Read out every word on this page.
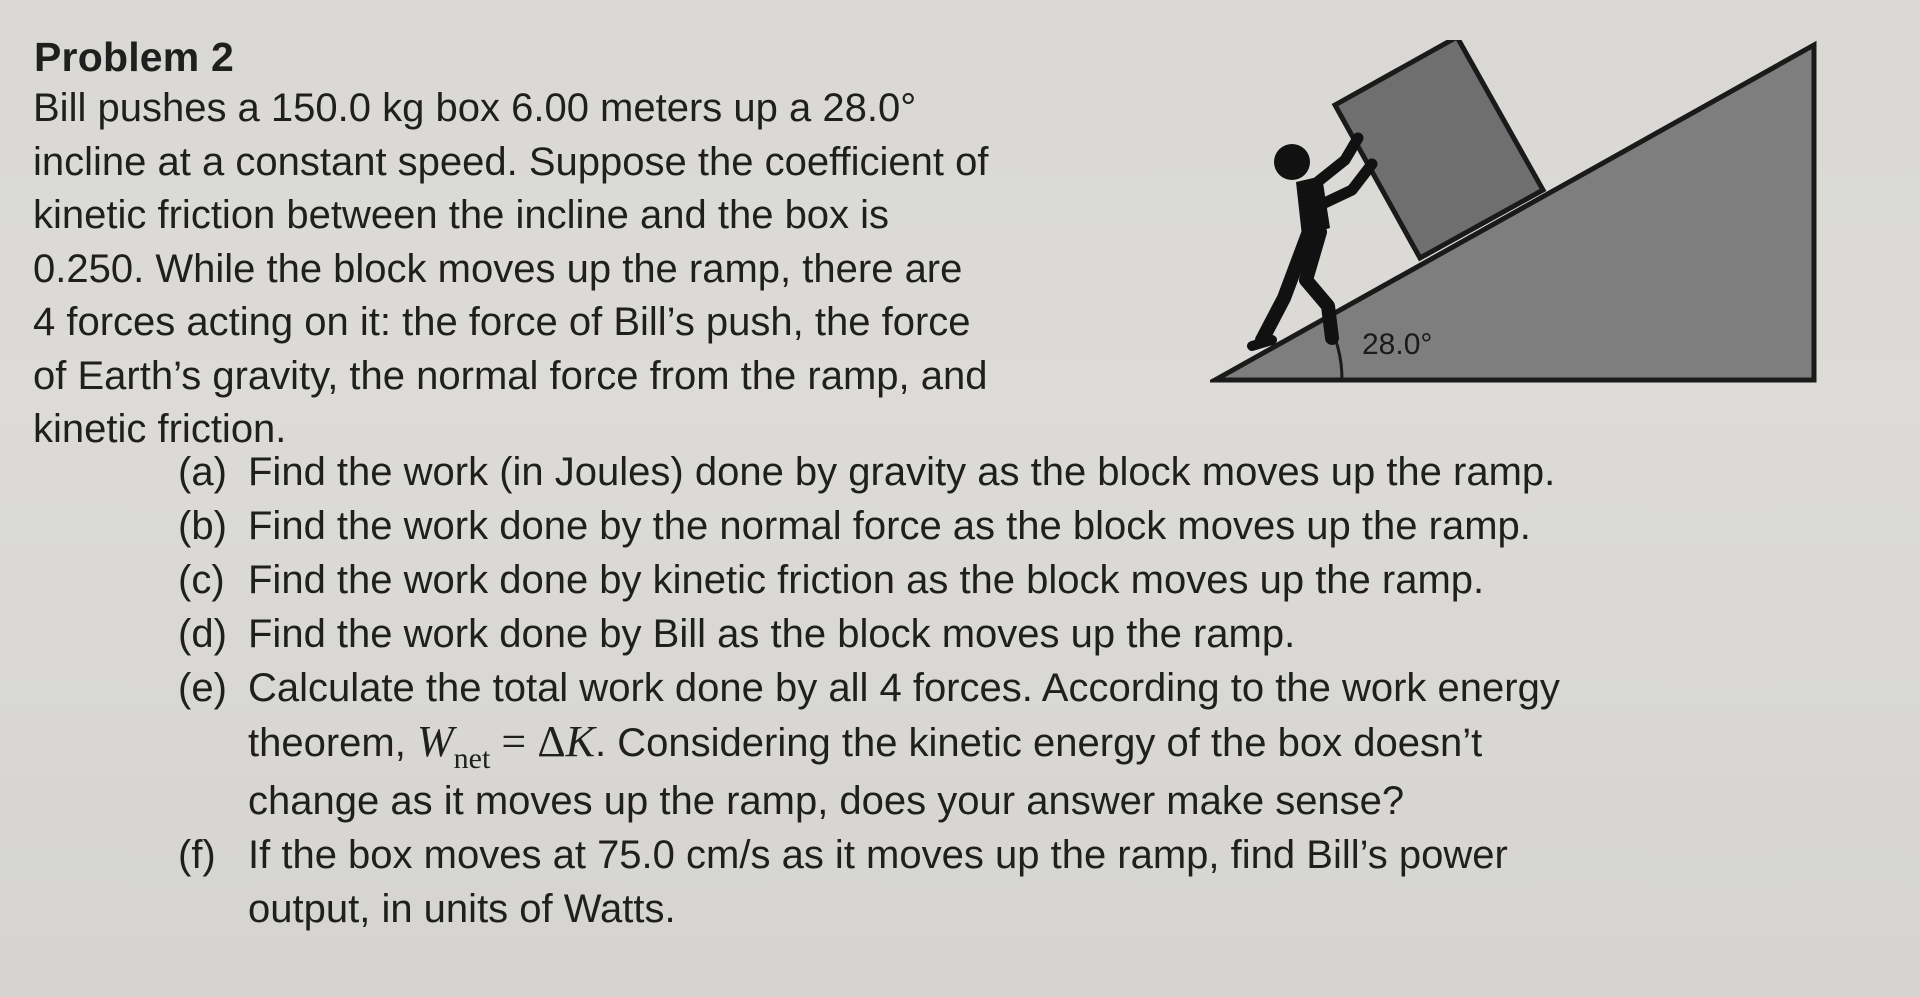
Problem 2
Bill pushes a 150.0 kg box 6.00 meters up a 28.0°
incline at a constant speed. Suppose the coefficient of
kinetic friction between the incline and the box is
0.250. While the block moves up the ramp, there are
4 forces acting on it: the force of Bill’s push, the force
of Earth’s gravity, the normal force from the ramp, and
kinetic friction.
28.0°
(a) Find the work (in Joules) done by gravity as the block moves up the ramp.
(b) Find the work done by the normal force as the block moves up the ramp.
(c) Find the work done by kinetic friction as the block moves up the ramp.
(d) Find the work done by Bill as the block moves up the ramp.
(e) Calculate the total work done by all 4 forces. According to the work energy
theorem, $W_{net} = \Delta K$. Considering the kinetic energy of the box doesn’t
change as it moves up the ramp, does your answer make sense?
(f) If the box moves at 75.0 cm/s as it moves up the ramp, find Bill’s power
output, in units of Watts.
